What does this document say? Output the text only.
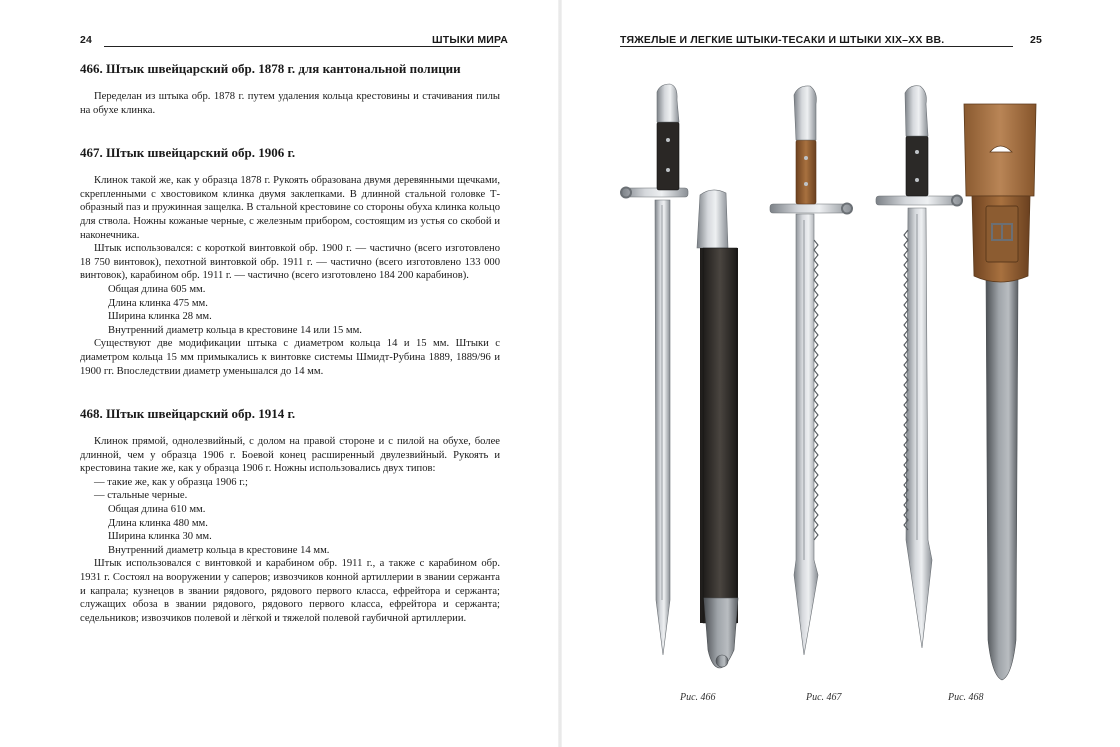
24	ШТЫКИ МИРА
466. Штык швейцарский обр. 1878 г. для кантональной полиции

Переделан из штыка обр. 1878 г. путем удаления кольца крестовины и стачивания пилы на обухе клинка.

467. Штык швейцарский обр. 1906 г.

Клинок такой же, как у образца 1878 г. Рукоять образована двумя деревянными щечками, скрепленными с хвостовиком клинка двумя заклепками. В длинной стальной головке Т-образный паз и пружинная защелка. В стальной крестовине со стороны обуха клинка кольцо для ствола. Ножны кожаные черные, с железным прибором, состоящим из устья со скобой и наконечника.

Штык использовался: с короткой винтовкой обр. 1900 г. — частично (всего изготовлено 18 750 винтовок), пехотной винтовкой обр. 1911 г. — частично (всего изготовлено 133 000 винтовок), карабином обр. 1911 г. — частично (всего изготовлено 184 200 карабинов).

Общая длина 605 мм.

Длина клинка 475 мм.

Ширина клинка 28 мм.

Внутренний диаметр кольца в крестовине 14 или 15 мм.

Существуют две модификации штыка с диаметром кольца 14 и 15 мм. Штыки с диаметром кольца 15 мм примыкались к винтовке системы Шмидт-Рубина 1889, 1889/96 и 1900 гг. Впоследствии диаметр уменьшался до 14 мм.

468. Штык швейцарский обр. 1914 г.

Клинок прямой, однолезвийный, с долом на правой стороне и с пилой на обухе, более длинной, чем у образца 1906 г. Боевой конец расширенный двулезвийный. Рукоять и крестовина такие же, как у образца 1906 г. Ножны использовались двух типов:

— такие же, как у образца 1906 г.;

— стальные черные.

Общая длина 610 мм.

Длина клинка 480 мм.

Ширина клинка 30 мм.

Внутренний диаметр кольца в крестовине 14 мм.

Штык использовался с винтовкой и карабином обр. 1911 г., а также с карабином обр. 1931 г. Состоял на вооружении у саперов; извозчиков конной артиллерии в звании сержанта и капрала; кузнецов в звании рядового, рядового первого класса, ефрейтора и сержанта; служащих обоза в звании рядового, рядового первого класса, ефрейтора и сержанта; седельников; извозчиков полевой и лёгкой и тяжелой полевой гаубичной артиллерии.

ТЯЖЕЛЫЕ И ЛЕГКИЕ ШТЫКИ-ТЕСАКИ И ШТЫКИ XIX–XX ВВ.	25
Рис. 466	Рис. 467	Рис. 468
